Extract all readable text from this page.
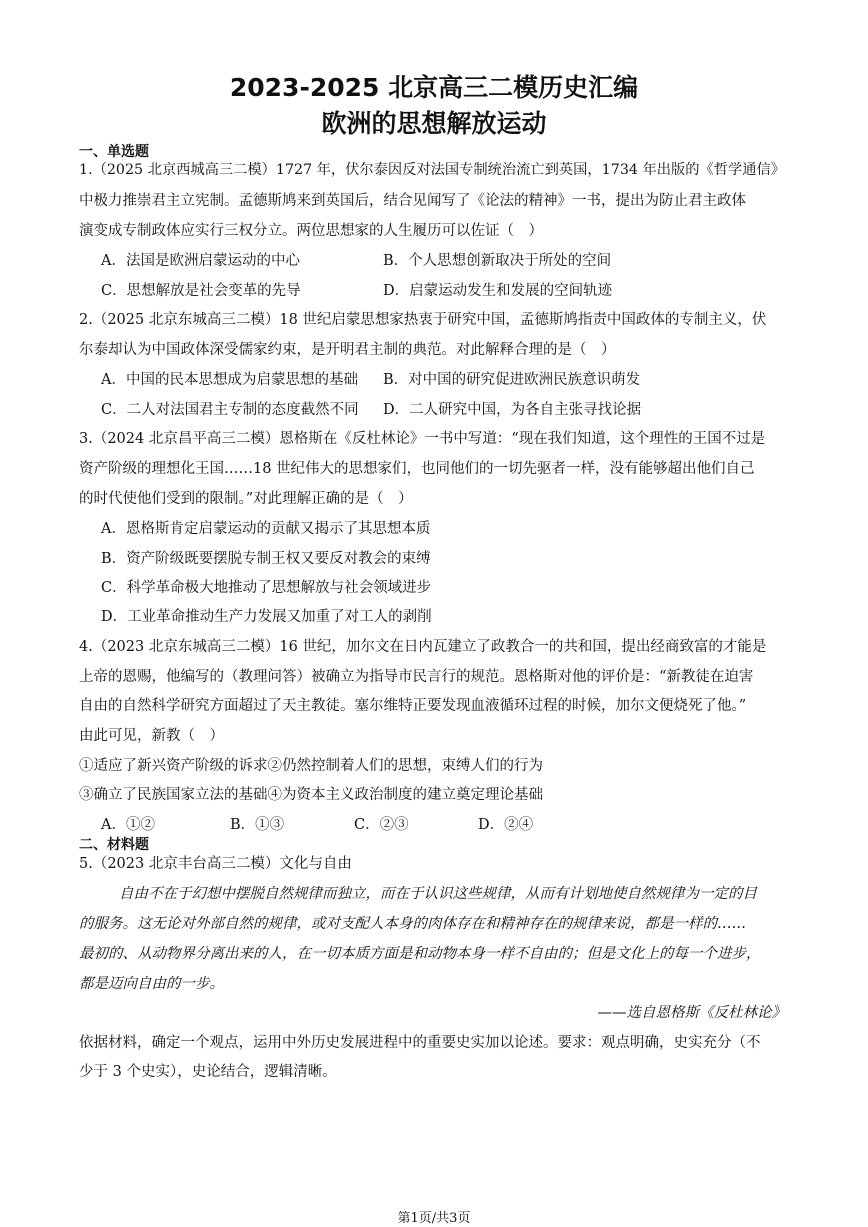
2023-2025 北京高三二模历史汇编
欧洲的思想解放运动
一、单选题
1.（2025 北京西城高三二模）1727 年，伏尔泰因反对法国专制统治流亡到英国，1734 年出版的《哲学通信》
中极力推崇君主立宪制。孟德斯鸠来到英国后，结合见闻写了《论法的精神》一书，提出为防止君主政体
演变成专制政体应实行三权分立。两位思想家的人生履历可以佐证（　）
A．法国是欧洲启蒙运动的中心	B．个人思想创新取决于所处的空间
C．思想解放是社会变革的先导	D．启蒙运动发生和发展的空间轨迹
2.（2025 北京东城高三二模）18 世纪启蒙思想家热衷于研究中国，孟德斯鸠指责中国政体的专制主义，伏
尔泰却认为中国政体深受儒家约束，是开明君主制的典范。对此解释合理的是（　）
A．中国的民本思想成为启蒙思想的基础 B．对中国的研究促进欧洲民族意识萌发
C．二人对法国君主专制的态度截然不同 D．二人研究中国，为各自主张寻找论据
3.（2024 北京昌平高三二模）恩格斯在《反杜林论》一书中写道：“现在我们知道，这个理性的王国不过是
资产阶级的理想化王国……18 世纪伟大的思想家们，也同他们的一切先驱者一样，没有能够超出他们自己
的时代使他们受到的限制。”对此理解正确的是（　）
A．恩格斯肯定启蒙运动的贡献又揭示了其思想本质
B．资产阶级既要摆脱专制王权又要反对教会的束缚
C．科学革命极大地推动了思想解放与社会领域进步
D．工业革命推动生产力发展又加重了对工人的剥削
4.（2023 北京东城高三二模）16 世纪，加尔文在日内瓦建立了政教合一的共和国，提出经商致富的才能是
上帝的恩赐，他编写的（教理问答）被确立为指导市民言行的规范。恩格斯对他的评价是：“新教徒在迫害
自由的自然科学研究方面超过了天主教徒。塞尔维特正要发现血液循环过程的时候，加尔文便烧死了他。”
由此可见，新教（　）
①适应了新兴资产阶级的诉求②仍然控制着人们的思想，束缚人们的行为
③确立了民族国家立法的基础④为资本主义政治制度的建立奠定理论基础
A．①②	B．①③	C．②③	D．②④
二、材料题
5.（2023 北京丰台高三二模）文化与自由
自由不在于幻想中摆脱自然规律而独立，而在于认识这些规律，从而有计划地使自然规律为一定的目
的服务。这无论对外部自然的规律，或对支配人本身的肉体存在和精神存在的规律来说，都是一样的……
最初的、从动物界分离出来的人，在一切本质方面是和动物本身一样不自由的；但是文化上的每一个进步，
都是迈向自由的一步。
——选自恩格斯《反杜林论》
依据材料，确定一个观点，运用中外历史发展进程中的重要史实加以论述。要求：观点明确，史实充分（不
少于 3 个史实），史论结合，逻辑清晰。
第1页/共3页
